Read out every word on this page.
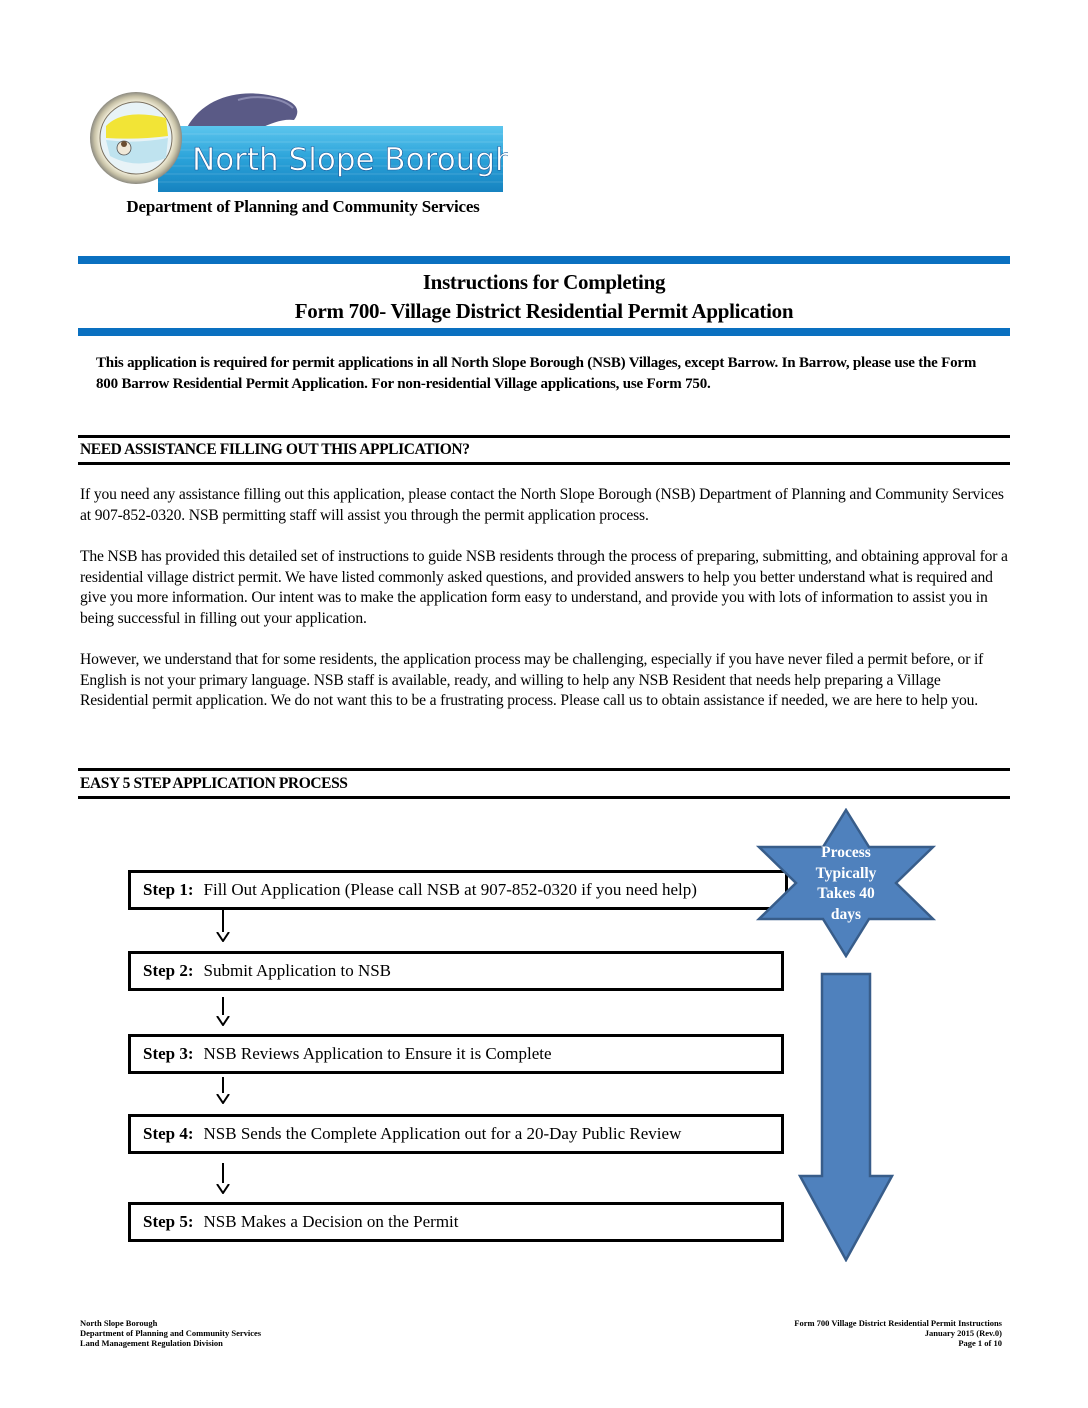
North Slope Borough
Department of Planning and Community Services
Instructions for Completing
Form 700- Village District Residential Permit Application
This application is required for permit applications in all North Slope Borough (NSB) Villages, except Barrow. In Barrow, please use the Form 800 Barrow Residential Permit Application. For non-residential Village applications, use Form 750.
NEED ASSISTANCE FILLING OUT THIS APPLICATION?
If you need any assistance filling out this application, please contact the North Slope Borough (NSB) Department of Planning and Community Services at 907-852-0320. NSB permitting staff will assist you through the permit application process.
The NSB has provided this detailed set of instructions to guide NSB residents through the process of preparing, submitting, and obtaining approval for a residential village district permit. We have listed commonly asked questions, and provided answers to help you better understand what is required and give you more information. Our intent was to make the application form easy to understand, and provide you with lots of information to assist you in being successful in filling out your application.
However, we understand that for some residents, the application process may be challenging, especially if you have never filed a permit before, or if English is not your primary language. NSB staff is available, ready, and willing to help any NSB Resident that needs help preparing a Village Residential permit application. We do not want this to be a frustrating process. Please call us to obtain assistance if needed, we are here to help you.
EASY 5 STEP APPLICATION PROCESS
Step 1: Fill Out Application (Please call NSB at 907-852-0320 if you need help)
Step 2: Submit Application to NSB
Step 3: NSB Reviews Application to Ensure it is Complete
Step 4: NSB Sends the Complete Application out for a 20-Day Public Review
Step 5: NSB Makes a Decision on the Permit
Process
Typically
Takes 40
days
North Slope Borough
Department of Planning and Community Services
Land Management Regulation Division
Form 700 Village District Residential Permit Instructions
January 2015 (Rev.0)
Page 1 of 10
